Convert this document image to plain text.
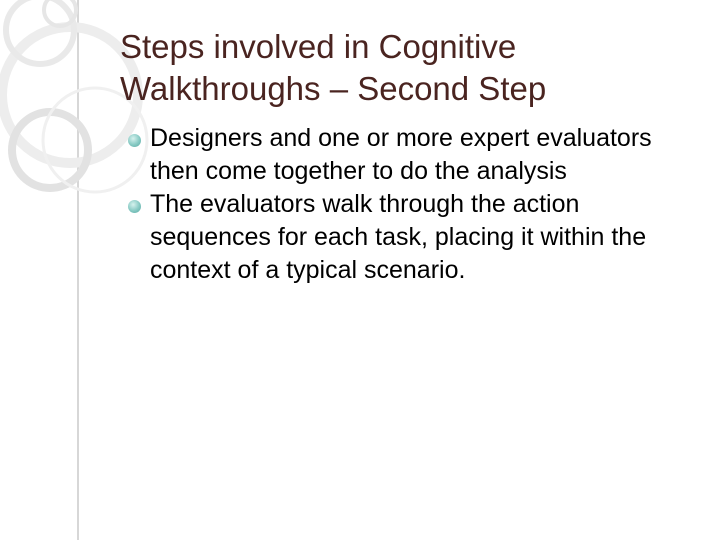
Steps involved in Cognitive
Walkthroughs – Second Step
Designers and one or more expert evaluators then come together to do the analysis
The evaluators walk through the action sequences for each task, placing it within the context of a typical scenario.
